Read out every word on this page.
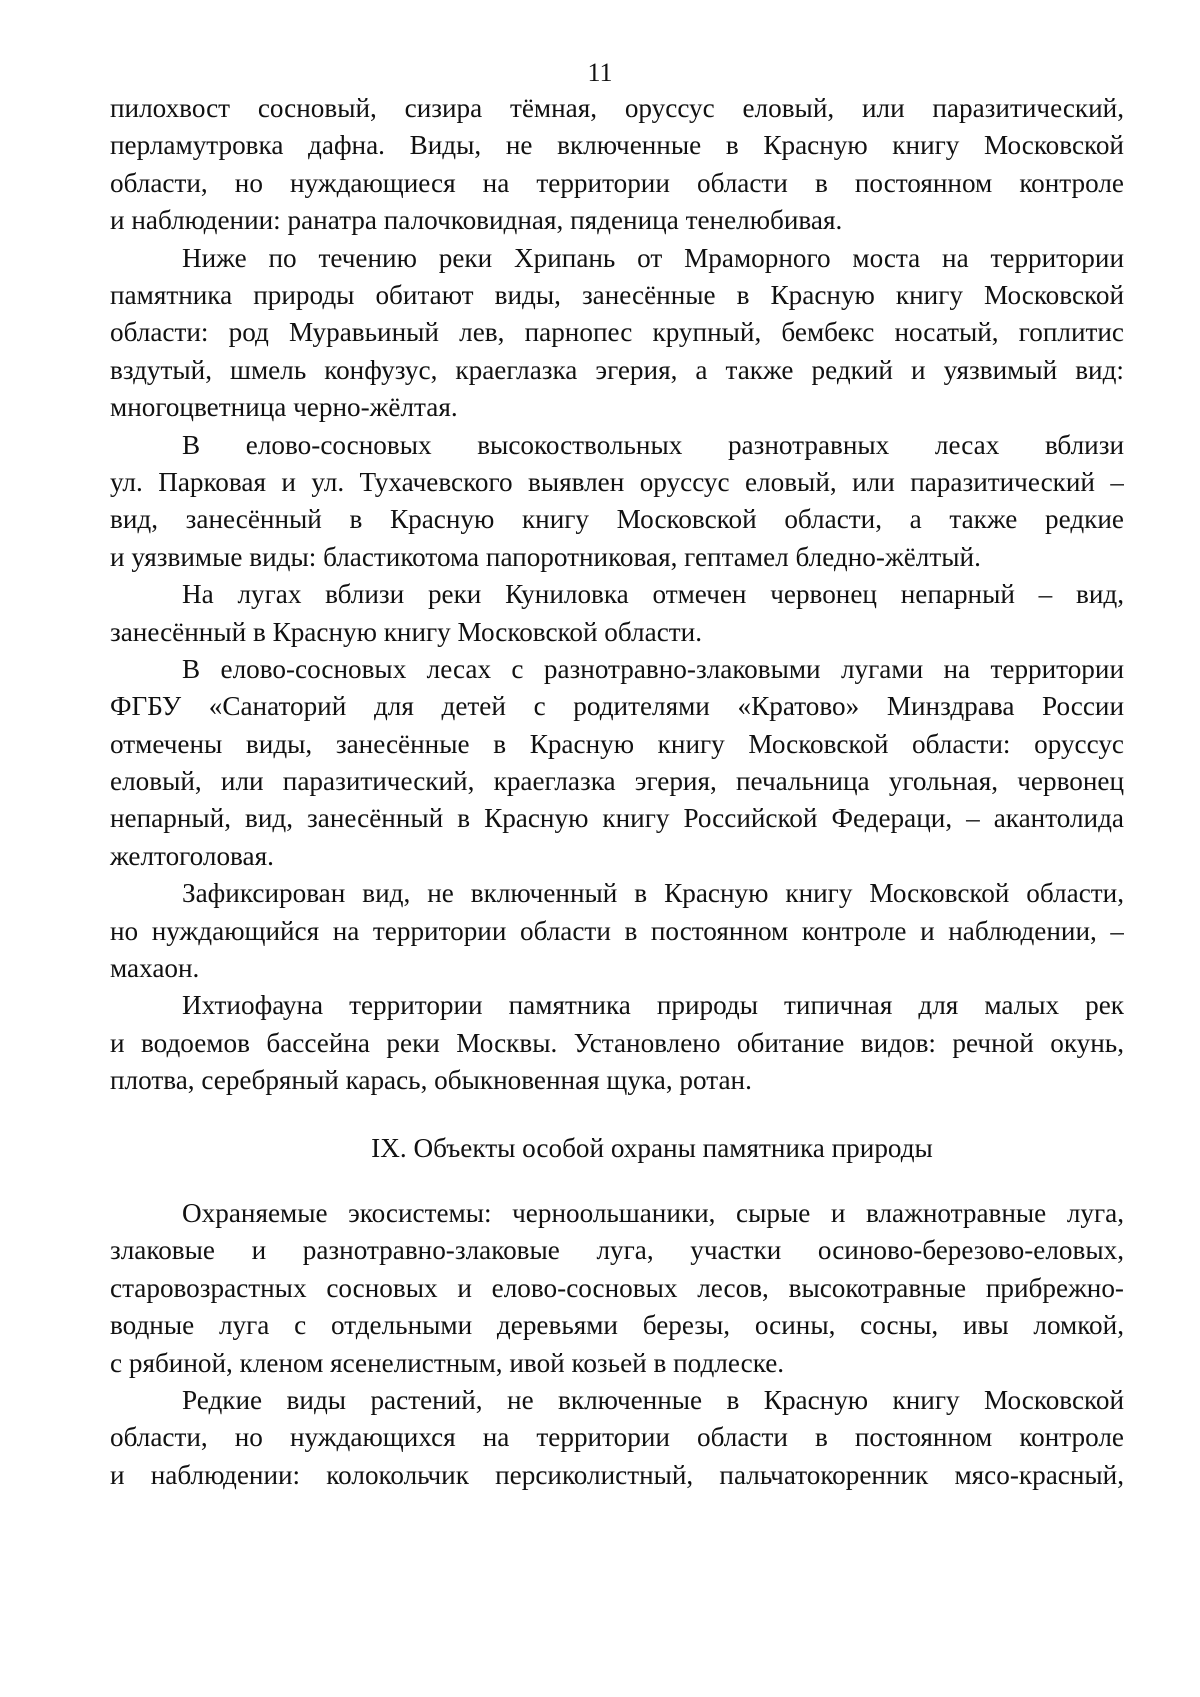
11
пилохвост сосновый, сизира тёмная, оруссус еловый, или паразитический,
перламутровка дафна. Виды, не включенные в Красную книгу Московской
области, но нуждающиеся на территории области в постоянном контроле
и наблюдении: ранатра палочковидная, пяденица тенелюбивая.
Ниже по течению реки Хрипань от Мраморного моста на территории
памятника природы обитают виды, занесённые в Красную книгу Московской
области: род Муравьиный лев, парнопес крупный, бембекс носатый, гоплитис
вздутый, шмель конфузус, краеглазка эгерия, а также редкий и уязвимый вид:
многоцветница черно-жёлтая.
В елово-сосновых высокоствольных разнотравных лесах вблизи
ул. Парковая и ул. Тухачевского выявлен оруссус еловый, или паразитический –
вид, занесённый в Красную книгу Московской области, а также редкие
и уязвимые виды: бластикотома папоротниковая, гептамел бледно-жёлтый.
На лугах вблизи реки Куниловка отмечен червонец непарный – вид,
занесённый в Красную книгу Московской области.
В елово-сосновых лесах с разнотравно-злаковыми лугами на территории
ФГБУ «Санаторий для детей с родителями «Кратово» Минздрава России
отмечены виды, занесённые в Красную книгу Московской области: оруссус
еловый, или паразитический, краеглазка эгерия, печальница угольная, червонец
непарный, вид, занесённый в Красную книгу Российской Федераци, – акантолида
желтоголовая.
Зафиксирован вид, не включенный в Красную книгу Московской области,
но нуждающийся на территории области в постоянном контроле и наблюдении, –
махаон.
Ихтиофауна территории памятника природы типичная для малых рек
и водоемов бассейна реки Москвы. Установлено обитание видов: речной окунь,
плотва, серебряный карась, обыкновенная щука, ротан.
IX. Объекты особой охраны памятника природы
Охраняемые экосистемы: черноольшаники, сырые и влажнотравные луга,
злаковые и разнотравно-злаковые луга, участки осиново-березово-еловых,
старовозрастных сосновых и елово-сосновых лесов, высокотравные прибрежно-
водные луга с отдельными деревьями березы, осины, сосны, ивы ломкой,
с рябиной, кленом ясенелистным, ивой козьей в подлеске.
Редкие виды растений, не включенные в Красную книгу Московской
области, но нуждающихся на территории области в постоянном контроле
и наблюдении: колокольчик персиколистный, пальчатокоренник мясо-красный,
